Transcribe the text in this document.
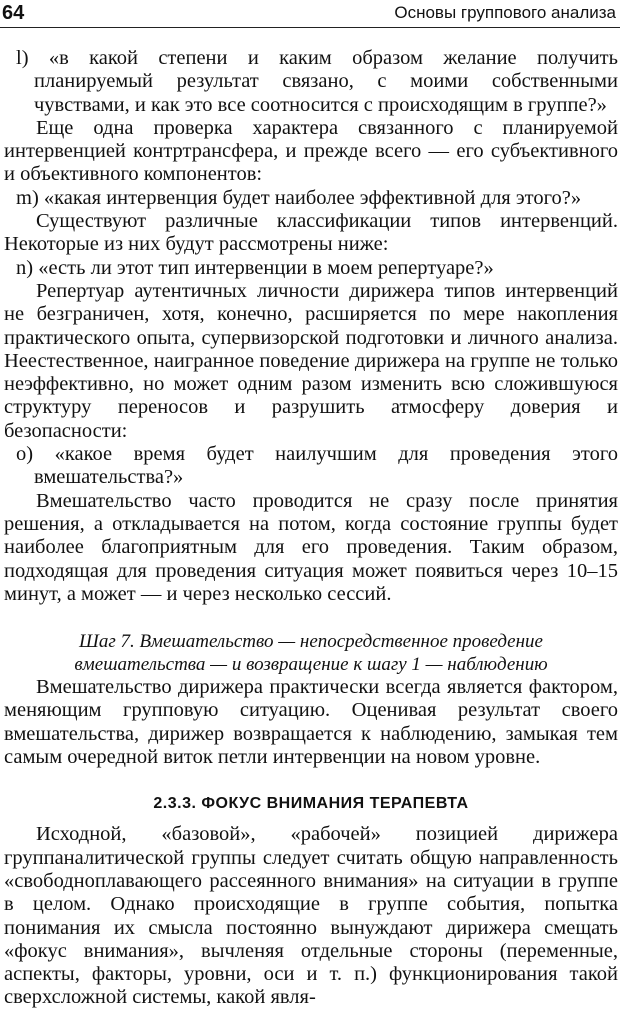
64	Основы группового анализа

l) «в какой степени и каким образом желание получить планируемый результат связано, с моими собственными чувствами, и как это все соотносится с происходящим в группе?»

Еще одна проверка характера связанного с планируемой интервенцией контртрансфера, и прежде всего — его субъективного и объективного компонентов:

m) «какая интервенция будет наиболее эффективной для этого?»

Существуют различные классификации типов интервенций. Некоторые из них будут рассмотрены ниже:

n) «есть ли этот тип интервенции в моем репертуаре?»

Репертуар аутентичных личности дирижера типов интервенций не безграничен, хотя, конечно, расширяется по мере накопления практического опыта, супервизорской подготовки и личного анализа. Неестественное, наигранное поведение дирижера на группе не только неэффективно, но может одним разом изменить всю сложившуюся структуру переносов и разрушить атмосферу доверия и безопасности:

o) «какое время будет наилучшим для проведения этого вмешательства?»

Вмешательство часто проводится не сразу после принятия решения, а откладывается на потом, когда состояние группы будет наиболее благоприятным для его проведения. Таким образом, подходящая для проведения ситуация может появиться через 10–15 минут, а может — и через несколько сессий.

Шаг 7. Вмешательство — непосредственное проведение вмешательства — и возвращение к шагу 1 — наблюдению

Вмешательство дирижера практически всегда является фактором, меняющим групповую ситуацию. Оценивая результат своего вмешательства, дирижер возвращается к наблюдению, замыкая тем самым очередной виток петли интервенции на новом уровне.

2.3.3. ФОКУС ВНИМАНИЯ ТЕРАПЕВТА

Исходной, «базовой», «рабочей» позицией дирижера группаналитической группы следует считать общую направленность «свободноплавающего рассеянного внимания» на ситуации в группе в целом. Однако происходящие в группе события, попытка понимания их смысла постоянно вынуждают дирижера смещать «фокус внимания», вычленяя отдельные стороны (переменные, аспекты, факторы, уровни, оси и т. п.) функционирования такой сверхсложной системы, какой явля-
